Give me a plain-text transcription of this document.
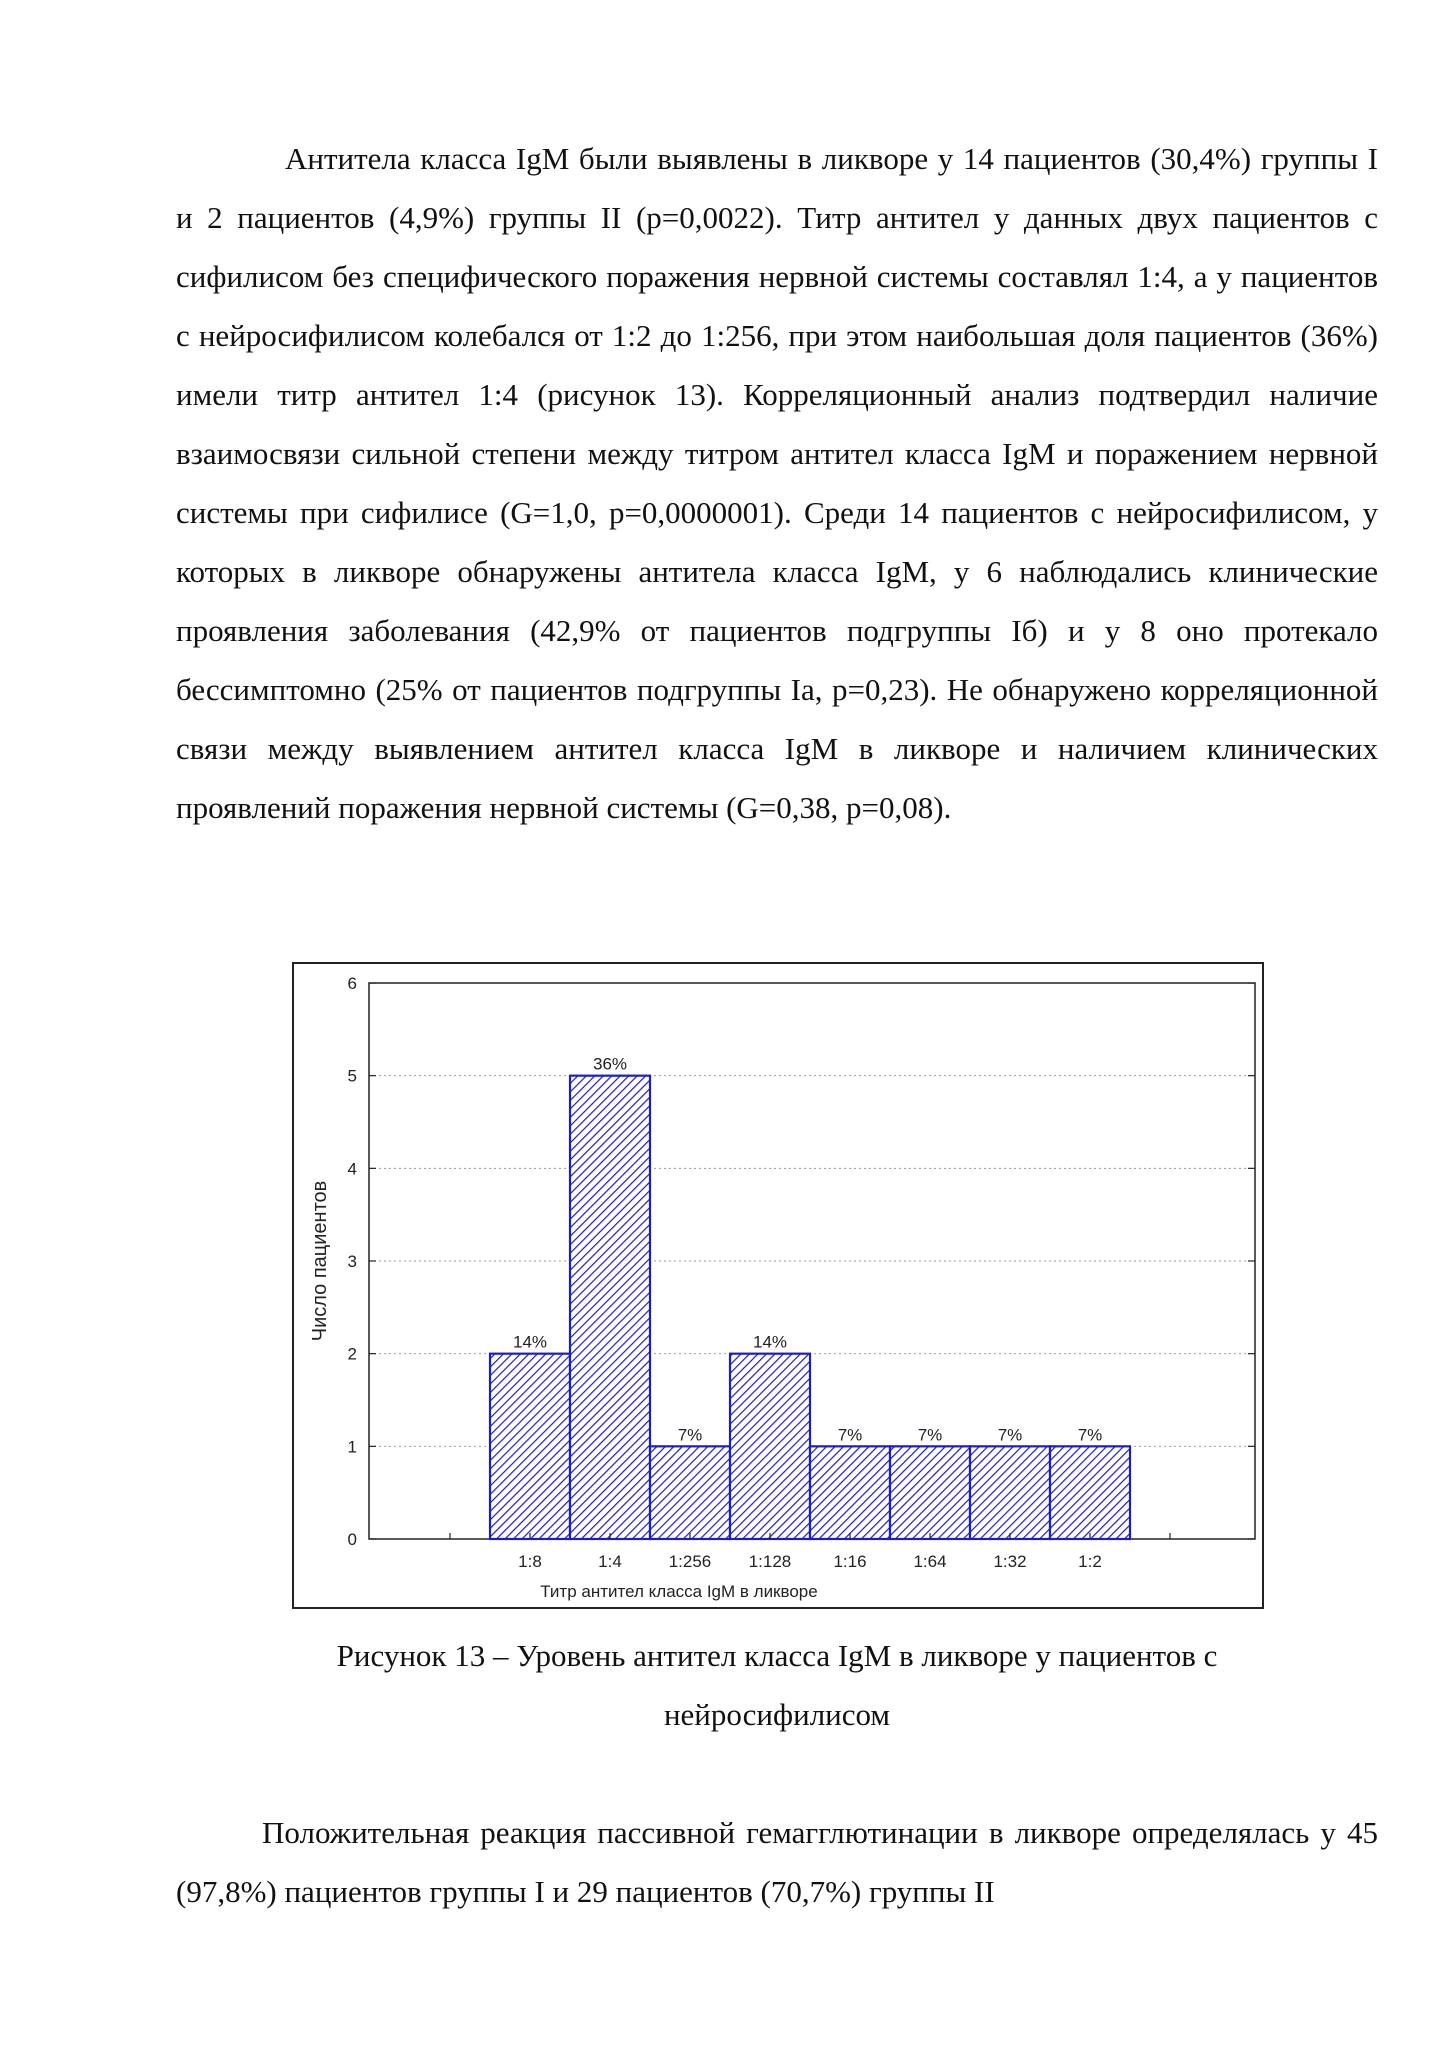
Антитела класса IgM были выявлены в ликворе у 14 пациентов (30,4%) группы I и 2 пациентов (4,9%) группы II (p=0,0022). Титр антител у данных двух пациентов с сифилисом без специфического поражения нервной системы составлял 1:4, а у пациентов с нейросифилисом колебался от 1:2 до 1:256, при этом наибольшая доля пациентов (36%) имели титр антител 1:4 (рисунок 13). Корреляционный анализ подтвердил наличие взаимосвязи сильной степени между титром антител класса IgM и поражением нервной системы при сифилисе (G=1,0, p=0,0000001). Среди 14 пациентов с нейросифилисом, у которых в ликворе обнаружены антитела класса IgM, у 6 наблюдались клинические проявления заболевания (42,9% от пациентов подгруппы Iб) и у 8 оно протекало бессимптомно (25% от пациентов подгруппы Ia, p=0,23). Не обнаружено корреляционной связи между выявлением антител класса IgM в ликворе и наличием клинических проявлений поражения нервной системы (G=0,38, p=0,08).

14%
36%
7%
14%
7%	7%	7%	7%
0
1
2
3
4
5
6
1:8	1:4	1:256 1:128 1:16	1:64	1:32	1:2
Титр антител класса IgM в ликворе
Число пациентов

Рисунок 13 – Уровень антител класса IgM в ликворе у пациентов с
нейросифилисом

Положительная реакция пассивной гемагглютинации в ликворе определялась у 45 (97,8%) пациентов группы I и 29 пациентов (70,7%) группы II
